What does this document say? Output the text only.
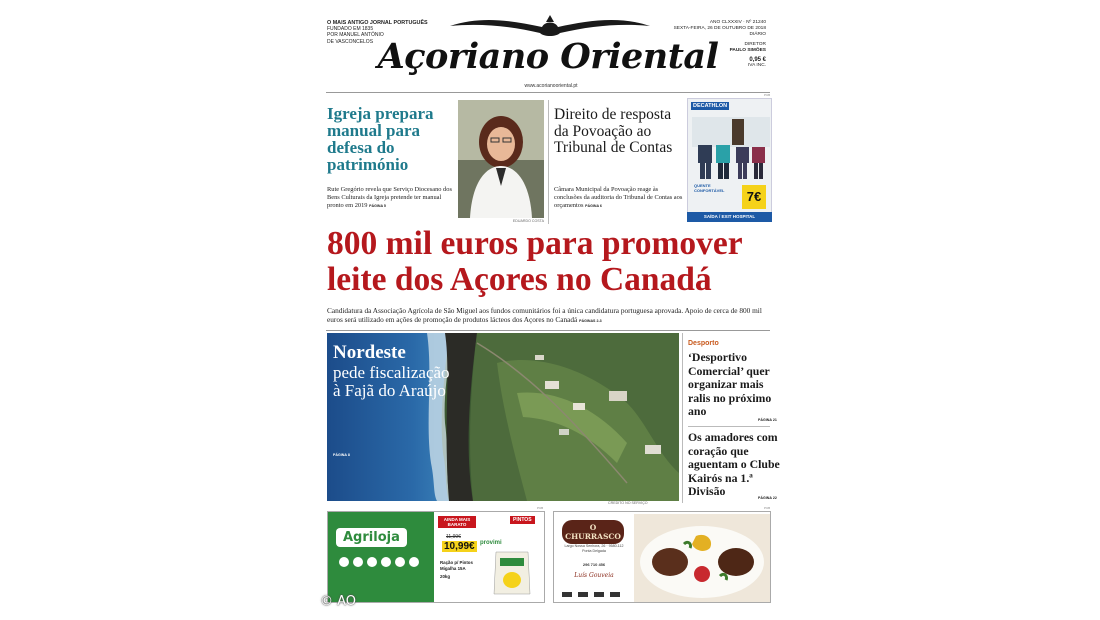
O MAIS ANTIGO JORNAL PORTUGUÊS
FUNDADO EM 1835
POR MANUEL ANTÓNIO
DE VASCONCELOS Açoriano Oriental
ANO CLXXXIV · Nº 21240
SEXTA-FEIRA, 26 DE OUTUBRO DE 2018
DIÁRIO
DIRETOR
PAULO SIMÕES
0,95 €
IVA INC.
www.acorianooriental.pt
Igreja prepara manual para defesa do património
Rute Gregório revela que Serviço Diocesano dos Bens Culturais da Igreja pretende ter manual pronto em 2019 PÁGINA 5
EDUARDO COSTA
Direito de resposta da Povoação ao Tribunal de Contas
Câmara Municipal da Povoação reage às conclusões da auditoria do Tribunal de Contas aos orçamentos PÁGINA 6
PUB
DECATHLON
QUENTE CONFORTÁVEL	7€
SAÍDA / EXIT HOSPITAL
800 mil euros para promover leite dos Açores no Canadá
Candidatura da Associação Agrícola de São Miguel aos fundos comunitários foi a única candidatura portuguesa aprovada. Apoio de cerca de 800 mil euros será utilizado em ações de promoção de produtos lácteos dos Açores no Canadá PÁGINAS 2-3
Nordeste
pede fiscalização à Fajã do Araújo
PÁGINA 8
CREDITO NO SERVIÇO
Desporto
‘Desportivo Comercial’ quer organizar mais ralis no próximo ano
PÁGINA 21
Os amadores com coração que aguentam o Clube Kairós na 1.ª Divisão	PÁGINA 22
PUB
Agriloja
AINDA MAIS BARATO
PINTOS
11,99€
10,99€ provimi
Ração p/ Pintos Migalha 15A
20kg
PUB
O CHURRASCO
Largo Nossa Senhora, 26 · 9580-112 Ponta Delgada
296 710 456
Luís Gouveia
© AO
